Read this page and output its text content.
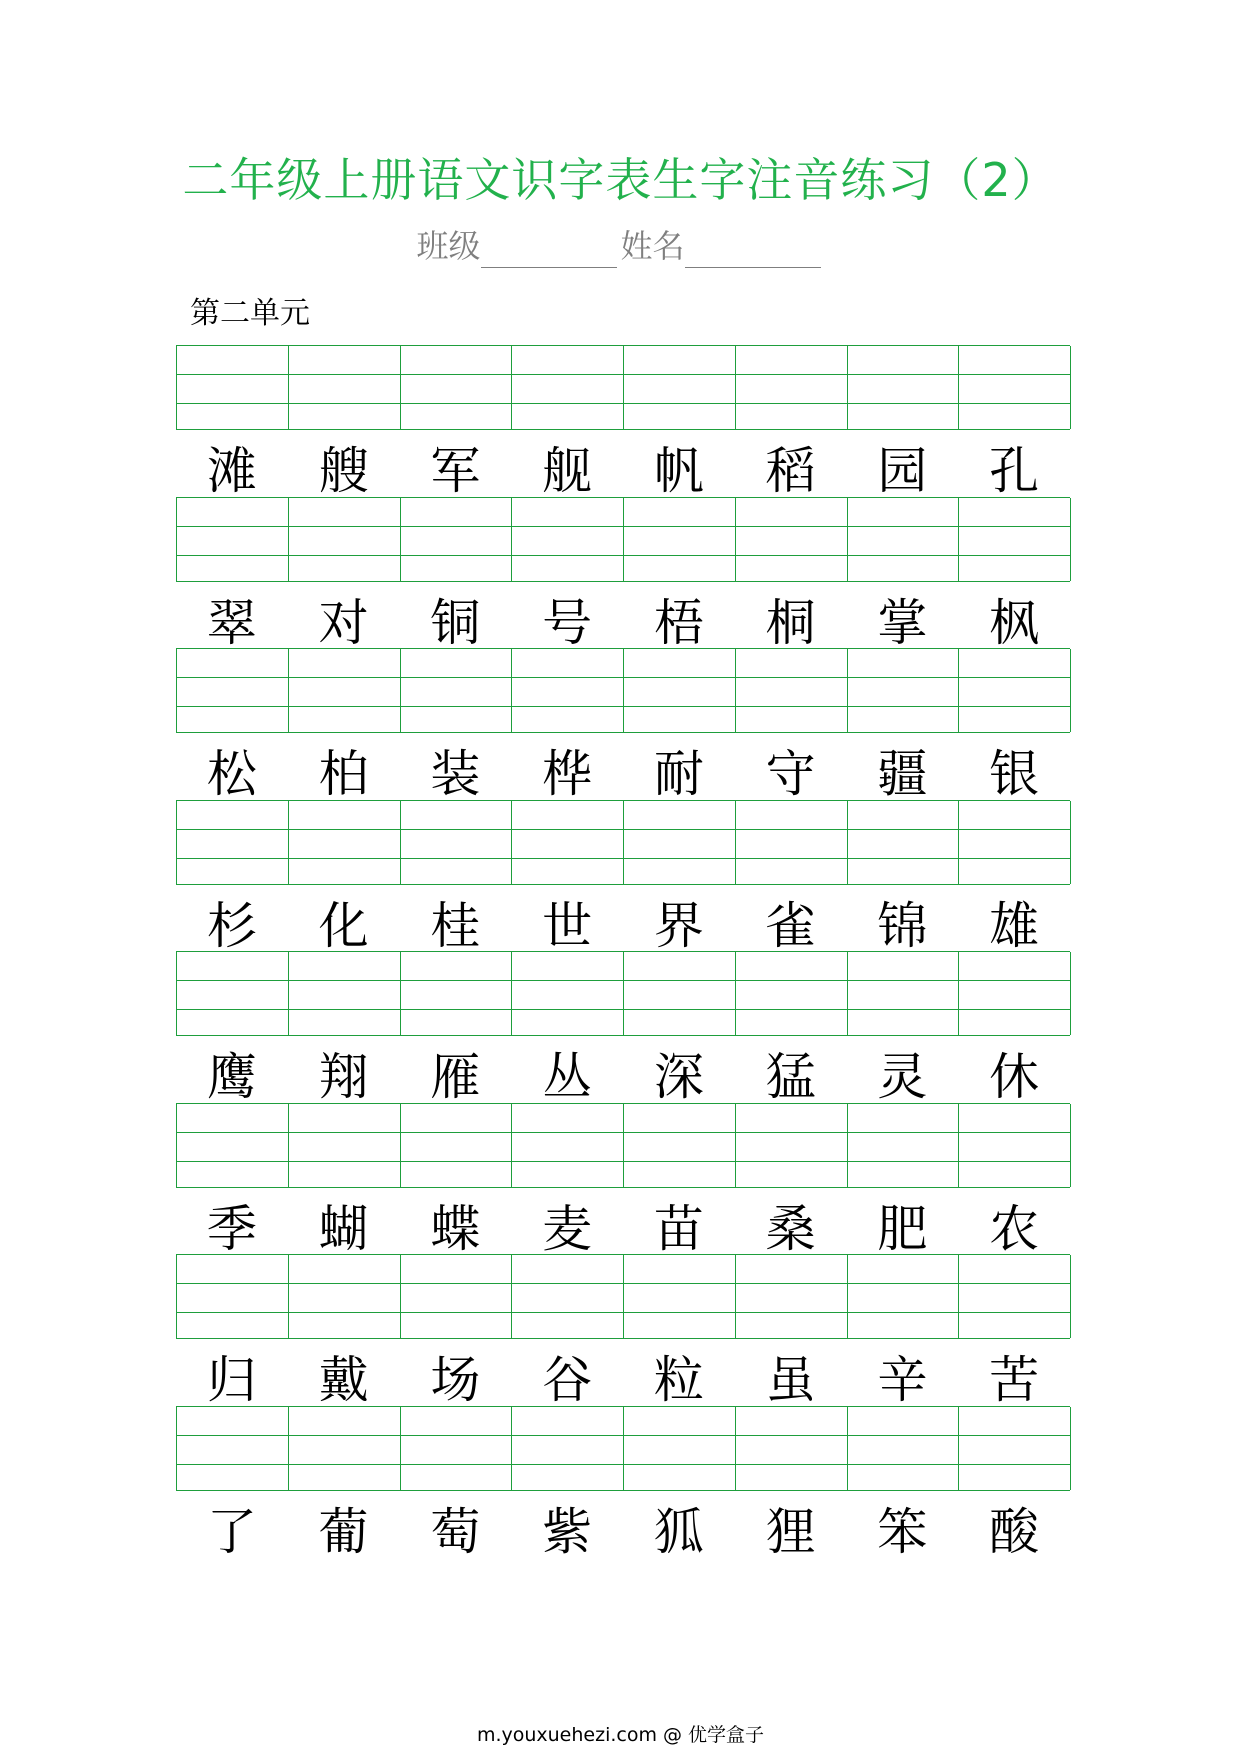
二年级上册语文识字表生字注音练习（2）
班级	姓名
第二单元
滩	艘	军	舰	帆	稻	园	孔
翠	对	铜	号	梧	桐	掌	枫
松	柏	装	桦	耐	守	疆	银
杉	化	桂	世	界	雀	锦	雄
鹰	翔	雁	丛	深	猛	灵	休
季	蝴	蝶	麦	苗	桑	肥	农
归	戴	场	谷	粒	虽	辛	苦
了	葡	萄	紫	狐	狸	笨	酸
m.youxuehezi.com @ 优学盒子
